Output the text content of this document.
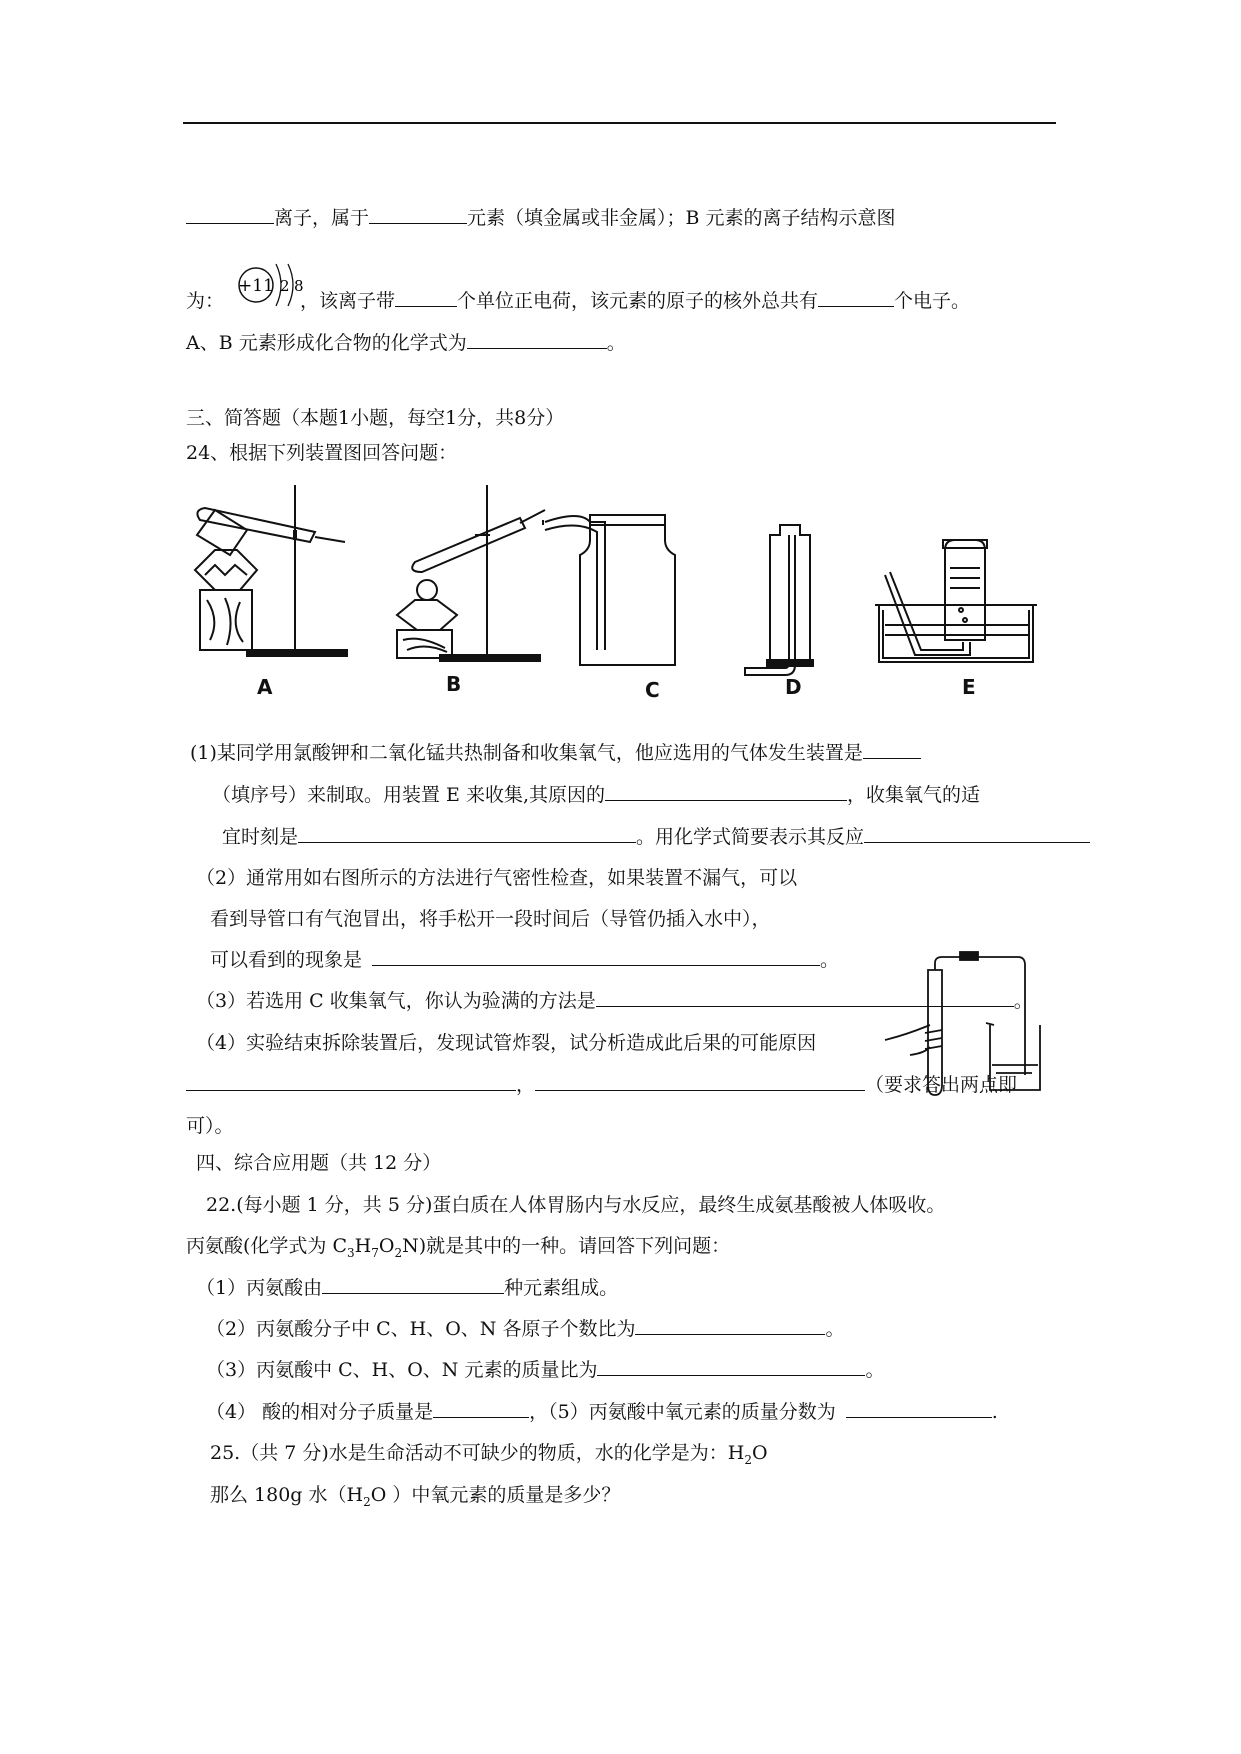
离子，属于	元素（填金属或非金属）；B 元素的离子结构示意图
为：	，该离子带	个单位正电荷，该元素的原子的核外总共有	个电子。
+11 2 8
A、B 元素形成化合物的化学式为	。
三、简答题（本题1小题，每空1分，共8分）
24、根据下列装置图回答问题：
A	B	C	D	E
(1)某同学用氯酸钾和二氧化锰共热制备和收集氧气，他应选用的气体发生装置是
（填序号）来制取。用装置 E 来收集,其原因的	，收集氧气的适
宜时刻是	。用化学式简要表示其反应
（2）通常用如右图所示的方法进行气密性检查，如果装置不漏气，可以
看到导管口有气泡冒出，将手松开一段时间后（导管仍插入水中），
可以看到的现象是	。
（3）若选用 C 收集氧气，你认为验满的方法是	。
（4）实验结束拆除装置后，发现试管炸裂，试分析造成此后果的可能原因
，	（要求答出两点即
可）。
四、综合应用题（共 12 分）
22.(每小题 1 分，共 5 分)蛋白质在人体胃肠内与水反应，最终生成氨基酸被人体吸收。
丙氨酸(化学式为 $C_3H_7O_2N$)就是其中的一种。请回答下列问题：
（1）丙氨酸由	种元素组成。
（2）丙氨酸分子中 C、H、O、N 各原子个数比为	。
（3）丙氨酸中 C、H、O、N 元素的质量比为	。
（4） 酸的相对分子质量是	，（5）丙氨酸中氧元素的质量分数为	.
25.（共 7 分)水是生命活动不可缺少的物质，水的化学是为：$H_2O$
那么 180g 水（$H_2O$ ）中氧元素的质量是多少？
